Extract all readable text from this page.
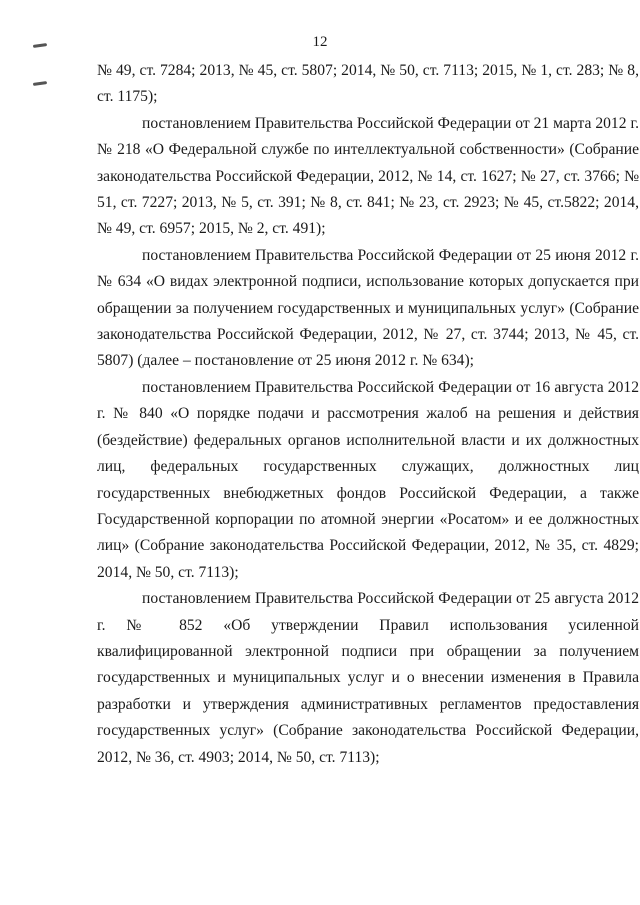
12

№ 49, ст. 7284; 2013, № 45, ст. 5807; 2014, № 50, ст. 7113; 2015, № 1, ст. 283; № 8, ст. 1175);

постановлением Правительства Российской Федерации от 21 марта 2012 г. № 218 «О Федеральной службе по интеллектуальной собственности» (Собрание законодательства Российской Федерации, 2012, № 14, ст. 1627; № 27, ст. 3766; № 51, ст. 7227; 2013, № 5, ст. 391; № 8, ст. 841; № 23, ст. 2923; № 45, ст.5822; 2014, № 49, ст. 6957; 2015, № 2, ст. 491);

постановлением Правительства Российской Федерации от 25 июня 2012 г. № 634 «О видах электронной подписи, использование которых допускается при обращении за получением государственных и муниципальных услуг» (Собрание законодательства Российской Федерации, 2012, № 27, ст. 3744; 2013, № 45, ст. 5807) (далее – постановление от 25 июня 2012 г. № 634);

постановлением Правительства Российской Федерации от 16 августа 2012 г. № 840 «О порядке подачи и рассмотрения жалоб на решения и действия (бездействие) федеральных органов исполнительной власти и их должностных лиц, федеральных государственных служащих, должностных лиц государственных внебюджетных фондов Российской Федерации, а также Государственной корпорации по атомной энергии «Росатом» и ее должностных лиц» (Собрание законодательства Российской Федерации, 2012, № 35, ст. 4829; 2014, № 50, ст. 7113);

постановлением Правительства Российской Федерации от 25 августа 2012 г. № 852 «Об утверждении Правил использования усиленной квалифицированной электронной подписи при обращении за получением государственных и муниципальных услуг и о внесении изменения в Правила разработки и утверждения административных регламентов предоставления государственных услуг» (Собрание законодательства Российской Федерации, 2012, № 36, ст. 4903; 2014, № 50, ст. 7113);
